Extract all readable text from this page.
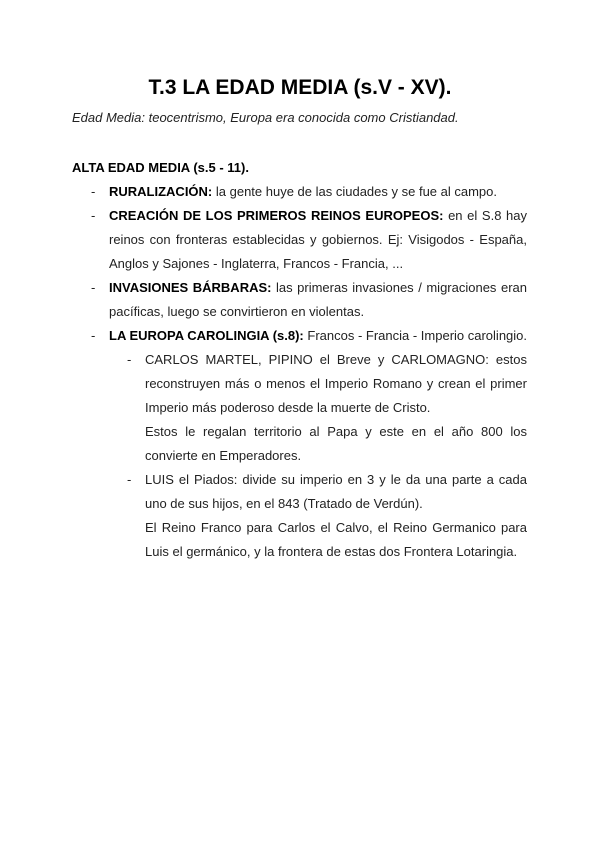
T.3 LA EDAD MEDIA (s.V - XV).
Edad Media: teocentrismo, Europa era conocida como Cristiandad.
ALTA EDAD MEDIA (s.5 - 11).
- RURALIZACIÓN: la gente huye de las ciudades y se fue al campo.
- CREACIÓN DE LOS PRIMEROS REINOS EUROPEOS: en el S.8 hay reinos con fronteras establecidas y gobiernos. Ej: Visigodos - España, Anglos y Sajones - Inglaterra, Francos - Francia, ...
- INVASIONES BÁRBARAS: las primeras invasiones / migraciones eran pacíficas, luego se convirtieron en violentas.
- LA EUROPA CAROLINGIA (s.8): Francos - Francia - Imperio carolingio.
- CARLOS MARTEL, PIPINO el Breve y CARLOMAGNO: estos reconstruyen más o menos el Imperio Romano y crean el primer Imperio más poderoso desde la muerte de Cristo.
Estos le regalan territorio al Papa y este en el año 800 los convierte en Emperadores.
- LUIS el Piados: divide su imperio en 3 y le da una parte a cada uno de sus hijos, en el 843 (Tratado de Verdún).
El Reino Franco para Carlos el Calvo, el Reino Germanico para Luis el germánico, y la frontera de estas dos Frontera Lotaringia.
